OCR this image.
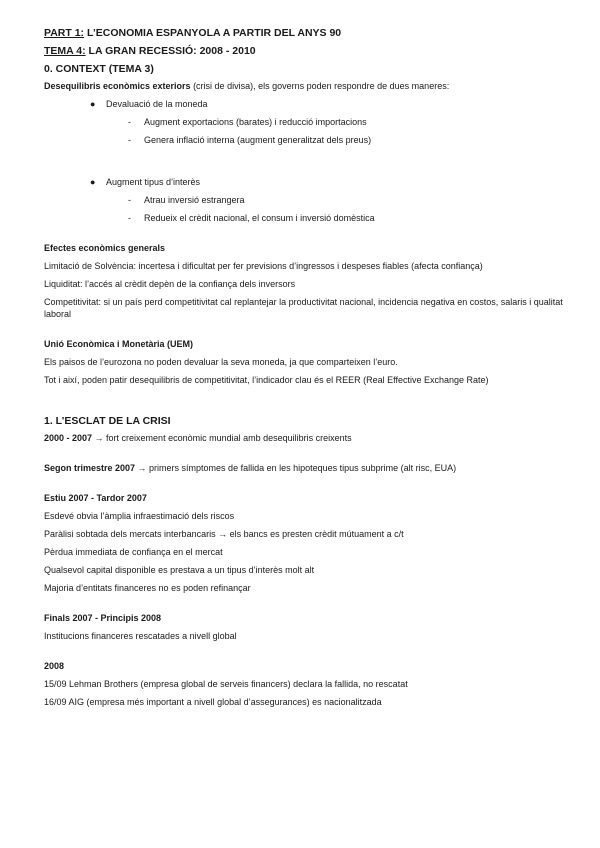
PART 1: L’ECONOMIA ESPANYOLA A PARTIR DEL ANYS 90
TEMA 4: LA GRAN RECESSIÓ: 2008 - 2010
0. CONTEXT (TEMA 3)
Desequilibris econòmics exteriors (crisi de divisa), els governs poden respondre de dues maneres:
● Devaluació de la moneda
- Augment exportacions (barates) i reducció importacions
- Genera inflació interna (augment generalitzat dels preus)
● Augment tipus d’interès
- Atrau inversió estrangera
- Redueix el crèdit nacional, el consum i inversió domèstica
Efectes econòmics generals
Limitació de Solvència: incertesa i dificultat per fer previsions d’ingressos i despeses fiables (afecta confiança)
Liquiditat: l’accés al crèdit depèn de la confiança dels inversors
Competitivitat: si un país perd competitivitat cal replantejar la productivitat nacional, incidencia negativa en costos, salaris i qualitat laboral
Unió Econòmica i Monetària (UEM)
Els paisos de l’eurozona no poden devaluar la seva moneda, ja que comparteixen l’euro.
Tot i així, poden patir desequilibris de competitivitat, l’indicador clau és el REER (Real Effective Exchange Rate)
1. L’ESCLAT DE LA CRISI
2000 - 2007 → fort creixement econòmic mundial amb desequilibris creixents
Segon trimestre 2007 → primers símptomes de fallida en les hipoteques tipus subprime (alt risc, EUA)
Estiu 2007 - Tardor 2007
Esdevé obvia l’àmplia infraestimació dels riscos
Paràlisi sobtada dels mercats interbancaris → els bancs es presten crèdit mútuament a c/t
Pèrdua immediata de confiança en el mercat
Qualsevol capital disponible es prestava a un tipus d’interès molt alt
Majoria d’entitats financeres no es poden refinançar
Finals 2007 - Principis 2008
Institucions financeres rescatades a nivell global
2008
15/09 Lehman Brothers (empresa global de serveis financers) declara la fallida, no rescatat
16/09 AIG (empresa més important a nivell global d’assegurances) es nacionalitzada
